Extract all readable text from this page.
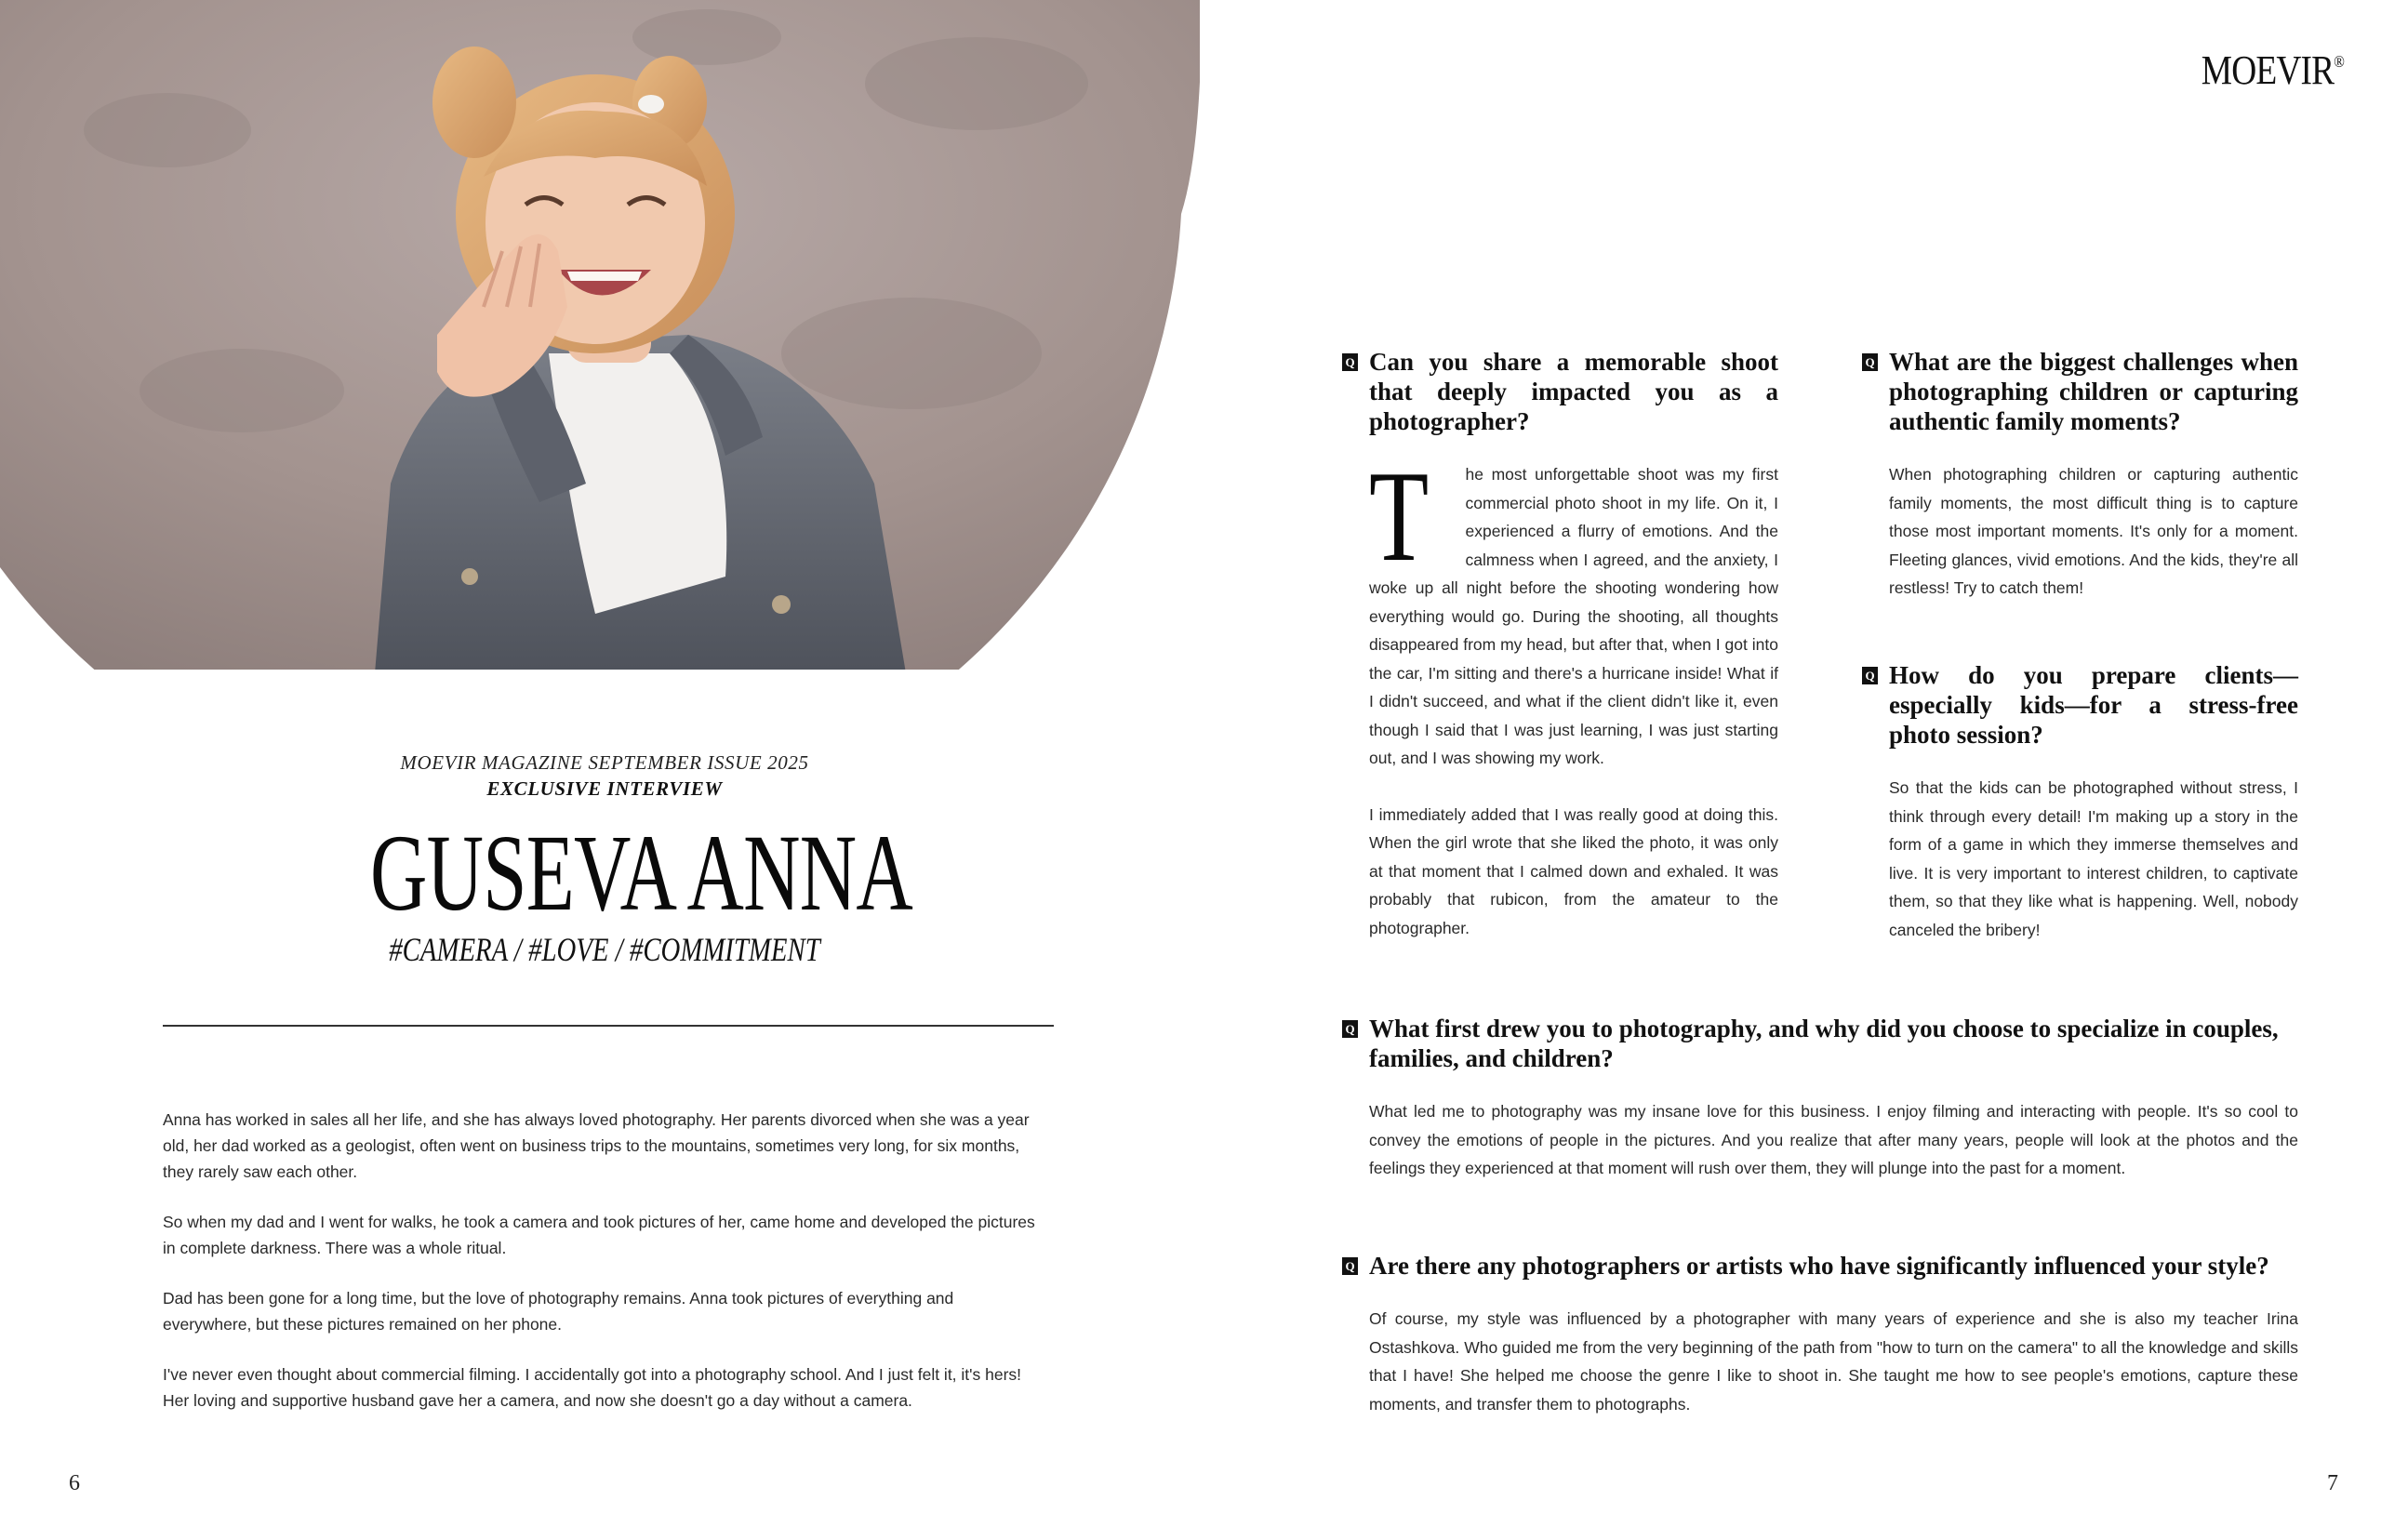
MOEVIR MAGAZINE SEPTEMBER ISSUE 2025
EXCLUSIVE INTERVIEW
GUSEVA ANNA
#CAMERA / #LOVE / #COMMITMENT

Anna has worked in sales all her life, and she has always loved photography. Her parents divorced when she was a year old, her dad worked as a geologist, often went on business trips to the mountains, sometimes very long, for six months, they rarely saw each other.

So when my dad and I went for walks, he took a camera and took pictures of her, came home and developed the pictures in complete darkness. There was a whole ritual.

Dad has been gone for a long time, but the love of photography remains. Anna took pictures of everything and everywhere, but these pictures remained on her phone.

I've never even thought about commercial filming. I accidentally got into a photography school. And I just felt it, it's hers! Her loving and supportive husband gave her a camera, and now she doesn't go a day without a camera.

6
MOEVIR®
Q Can you share a memorable shoot that deeply impacted you as a photographer?

T he most unforgettable shoot was my first commercial photo shoot in my life. On it, I experienced a flurry of emotions. And the calmness when I agreed, and the anxiety, I woke up all night before the shooting wondering how everything would go. During the shooting, all thoughts disappeared from my head, but after that, when I got into the car, I'm sitting and there's a hurricane inside! What if I didn't succeed, and what if the client didn't like it, even though I said that I was just learning, I was just starting out, and I was showing my work.

I immediately added that I was really good at doing this. When the girl wrote that she liked the photo, it was only at that moment that I calmed down and exhaled. It was probably that rubicon, from the amateur to the photographer.

Q What are the biggest challenges when photographing children or capturing authentic family moments?

When photographing children or capturing authentic family moments, the most difficult thing is to capture those most important moments. It's only for a moment. Fleeting glances, vivid emotions. And the kids, they're all restless! Try to catch them!

Q How do you prepare clients—especially kids—for a stress-free photo session?

So that the kids can be photographed without stress, I think through every detail! I'm making up a story in the form of a game in which they immerse themselves and live. It is very important to interest children, to captivate them, so that they like what is happening. Well, nobody canceled the bribery!

Q What first drew you to photography, and why did you choose to specialize in couples, families, and children?

What led me to photography was my insane love for this business. I enjoy filming and interacting with people. It's so cool to convey the emotions of people in the pictures. And you realize that after many years, people will look at the photos and the feelings they experienced at that moment will rush over them, they will plunge into the past for a moment.

Q Are there any photographers or artists who have significantly influenced your style?

Of course, my style was influenced by a photographer with many years of experience and she is also my teacher Irina Ostashkova. Who guided me from the very beginning of the path from "how to turn on the camera" to all the knowledge and skills that I have! She helped me choose the genre I like to shoot in. She taught me how to see people's emotions, capture these moments, and transfer them to photographs.

7
